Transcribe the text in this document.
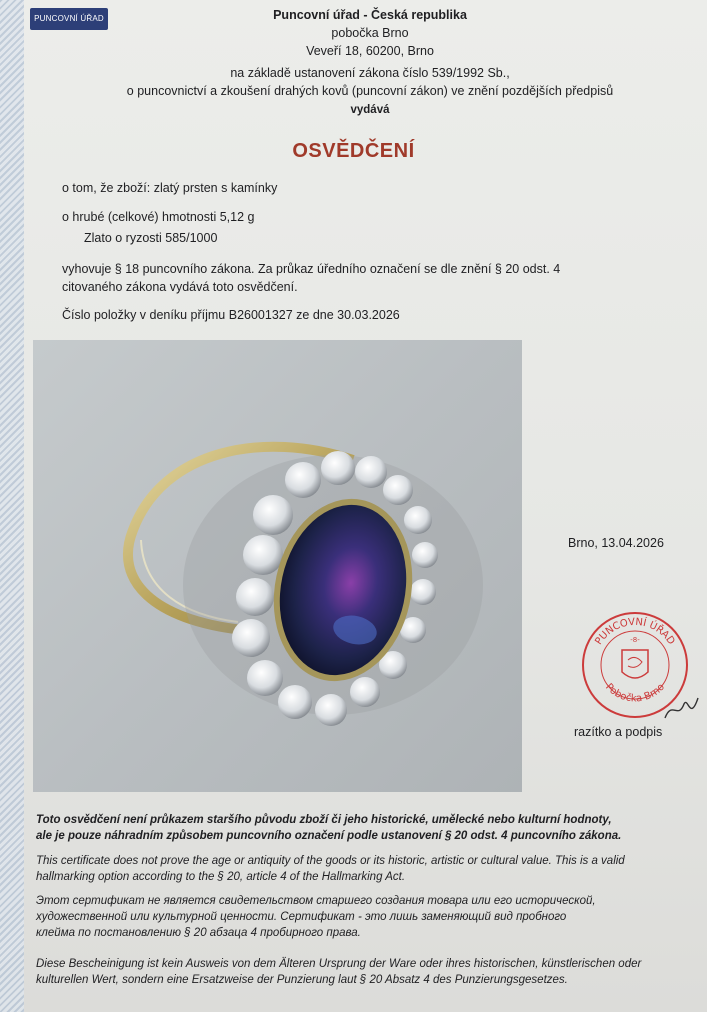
PUNCOVNÍ ÚŘAD	Puncovní úřad - Česká republika
pobočka Brno
Veveří 18, 60200, Brno
na základě ustanovení zákona číslo 539/1992 Sb.,
o puncovnictví a zkoušení drahých kovů (puncovní zákon) ve znění pozdějších předpisů
vydává
OSVĚDČENÍ
o tom, že zboží: zlatý prsten s kamínky
o hrubé (celkové) hmotnosti 5,12 g
Zlato o ryzosti 585/1000
vyhovuje § 18 puncovního zákona. Za průkaz úředního označení se dle znění § 20 odst. 4
citovaného zákona vydává toto osvědčení.
Číslo položky v deníku příjmu B26001327 ze dne 30.03.2026
Brno, 13.04.2026
PUNCOVNÍ ÚŘAD
Pobočka Brno
-8-
razítko a podpis
Toto osvědčení není průkazem staršího původu zboží či jeho historické, umělecké nebo kulturní hodnoty,
ale je pouze náhradním způsobem puncovního označení podle ustanovení § 20 odst. 4 puncovního zákona.
This certificate does not prove the age or antiquity of the goods or its historic, artistic or cultural value. This is a valid
hallmarking option according to the § 20, article 4 of the Hallmarking Act.
Этот сертификат не является свидетельством старшего создания товара или его исторической,
художественной или культурной ценности. Сертификат - это лишь заменяющий вид пробного
клейма по постановлению § 20 абзаца 4 пробирного права.
Diese Bescheinigung ist kein Ausweis von dem Älteren Ursprung der Ware oder ihres historischen, künstlerischen oder
kulturellen Wert, sondern eine Ersatzweise der Punzierung laut § 20 Absatz 4 des Punzierungsgesetzes.
